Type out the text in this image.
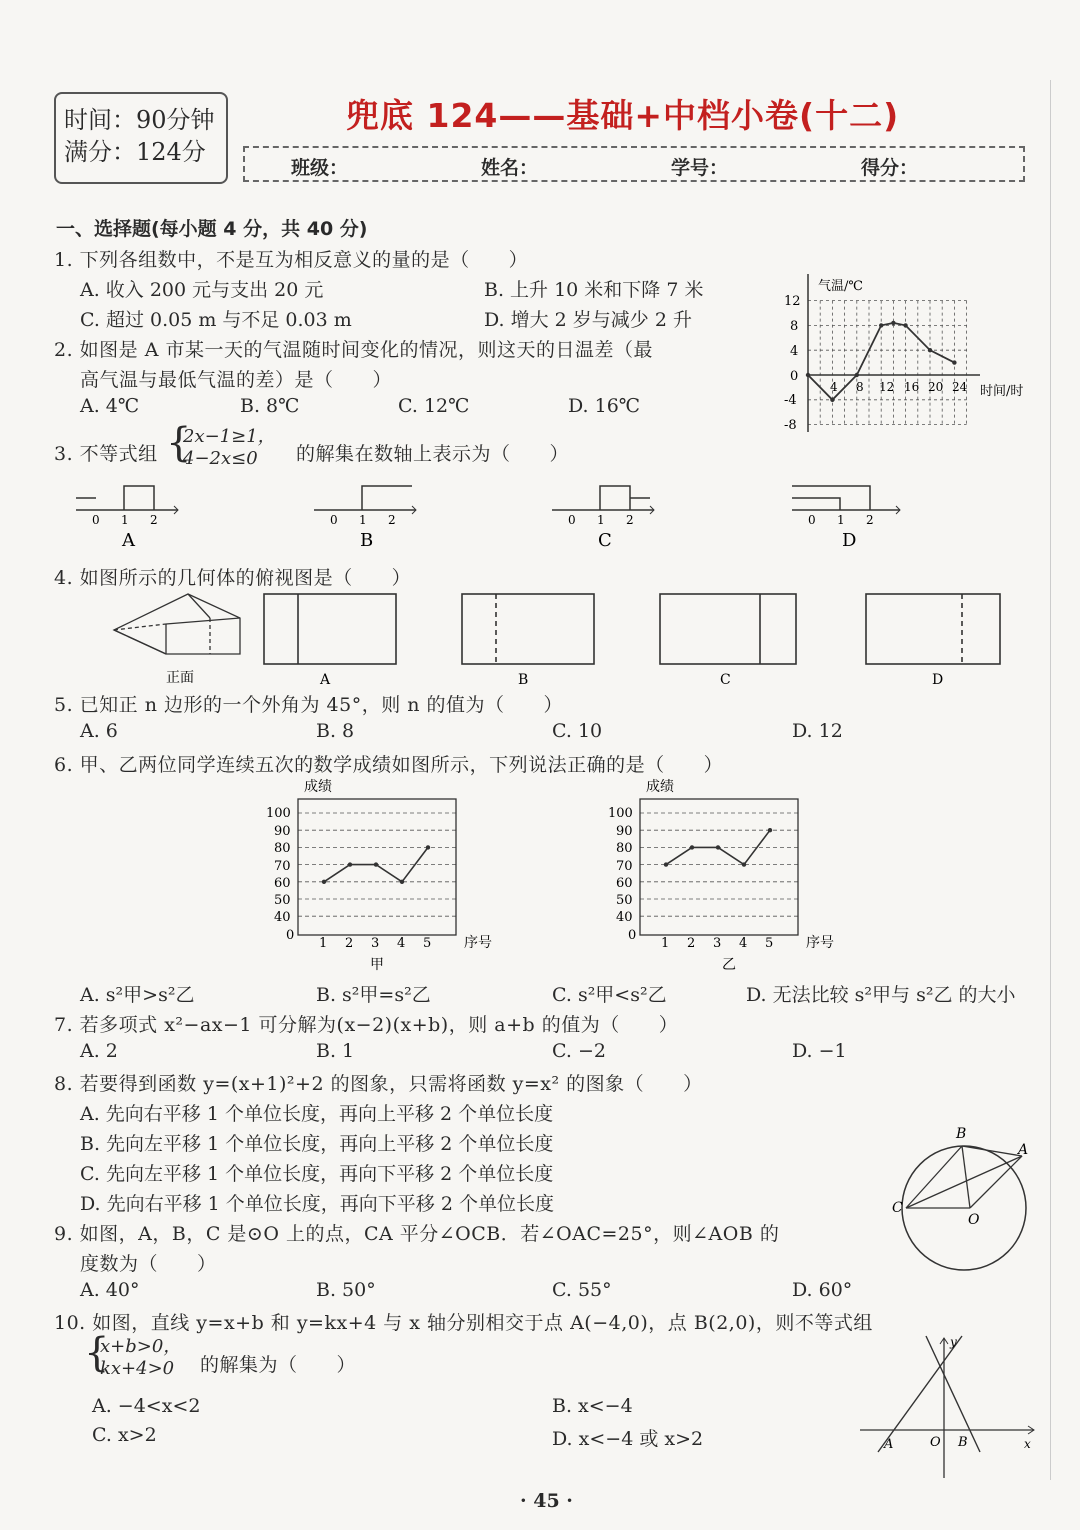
时间：90分钟
满分：124分
兜底 124——基础+中档小卷(十二)
班级：	姓名：	学号：	得分：
一、选择题(每小题 4 分，共 40 分)
1. 下列各组数中，不是互为相反意义的量的是（　　）
A. 收入 200 元与支出 20 元	B. 上升 10 米和下降 7 米
C. 超过 0.05 m 与不足 0.03 m	D. 增大 2 岁与减少 2 升
2. 如图是 A 市某一天的气温随时间变化的情况，则这天的日温差（最
高气温与最低气温的差）是（　　）
A. 4℃	B. 8℃	C. 12℃	D. 16℃
气温/℃
时间/时
12
8
4
0
-4
-8
4 8 12 16 20 24
3. 不等式组 {
2x−1≥1，
4−2x≤0	的解集在数轴上表示为（　　）
0 1 2
A
0 1 2
B
0 1 2
C
0 1 2
D
4. 如图所示的几何体的俯视图是（　　）
正面	A	B	C	D
5. 已知正 n 边形的一个外角为 45°，则 n 的值为（　　）
A. 6	B. 8	C. 10	D. 12
6. 甲、乙两位同学连续五次的数学成绩如图所示，下列说法正确的是（　　）
成绩
100
90
80
70
60
50
40
0
1 2 3 4 5 序号
甲
成绩
100
90
80
70
60
50
40
0
1 2 3 4 5 序号
乙
A. s²甲>s²乙	B. s²甲=s²乙	C. s²甲<s²乙	D. 无法比较 s²甲与 s²乙 的大小
7. 若多项式 x²−ax−1 可分解为(x−2)(x+b)，则 a+b 的值为（　　）
A. 2	B. 1	C. −2	D. −1
8. 若要得到函数 y=(x+1)²+2 的图象，只需将函数 y=x² 的图象（　　）
A. 先向右平移 1 个单位长度，再向上平移 2 个单位长度
B. 先向左平移 1 个单位长度，再向上平移 2 个单位长度
C. 先向左平移 1 个单位长度，再向下平移 2 个单位长度
D. 先向右平移 1 个单位长度，再向下平移 2 个单位长度
B
A
C
O
9. 如图，A，B，C 是⊙O 上的点，CA 平分∠OCB．若∠OAC=25°，则∠AOB 的
度数为（　　）
A. 40°	B. 50°	C. 55°	D. 60°
10. 如图，直线 y=x+b 和 y=kx+4 与 x 轴分别相交于点 A(−4,0)，点 B(2,0)，则不等式组
{
x+b>0，
kx+4>0	的解集为（　　）
A. −4<x<2	B. x<−4
C. x>2	D. x<−4 或 x>2	A	O B	x
y
· 45 ·
